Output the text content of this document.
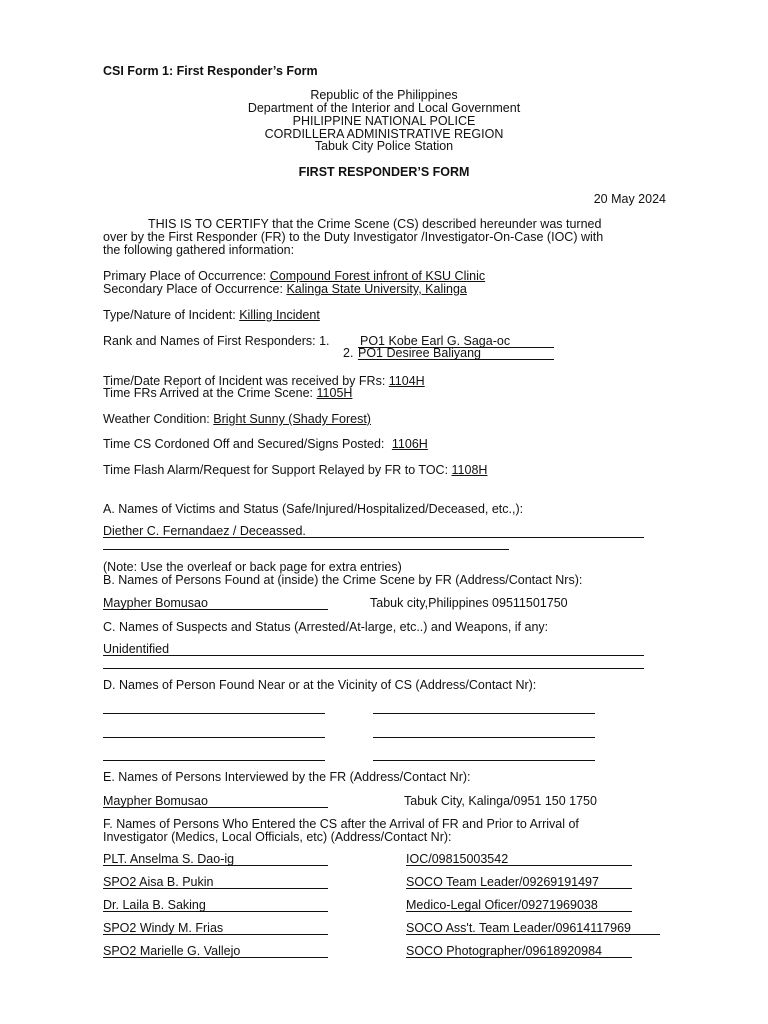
CSI Form 1: First Responder’s Form
Republic of the Philippines
Department of the Interior and Local Government
PHILIPPINE NATIONAL POLICE
CORDILLERA ADMINISTRATIVE REGION
Tabuk City Police Station
FIRST RESPONDER’S FORM
20 May 2024
THIS IS TO CERTIFY that the Crime Scene (CS) described hereunder was turned
over by the First Responder (FR) to the Duty Investigator /Investigator-On-Case (IOC) with
the following gathered information:
Primary Place of Occurrence: Compound Forest infront of KSU Clinic
Secondary Place of Occurrence: Kalinga State University, Kalinga
Type/Nature of Incident: Killing Incident
Rank and Names of First Responders: 1. PO1 Kobe Earl G. Saga-oc
2. PO1 Desiree Baliyang
Time/Date Report of Incident was received by FRs: 1104H
Time FRs Arrived at the Crime Scene: 1105H
Weather Condition: Bright Sunny (Shady Forest)
Time CS Cordoned Off and Secured/Signs Posted: 1106H
Time Flash Alarm/Request for Support Relayed by FR to TOC: 1108H
A. Names of Victims and Status (Safe/Injured/Hospitalized/Deceased, etc.,):
Diether C. Fernandaez / Deceassed.
(Note: Use the overleaf or back page for extra entries)
B. Names of Persons Found at (inside) the Crime Scene by FR (Address/Contact Nrs):
Maypher Bomusao	Tabuk city,Philippines 09511501750
C. Names of Suspects and Status (Arrested/At-large, etc..) and Weapons, if any:
Unidentified
D. Names of Person Found Near or at the Vicinity of CS (Address/Contact Nr):
E. Names of Persons Interviewed by the FR (Address/Contact Nr):
Maypher Bomusao	Tabuk City, Kalinga/0951 150 1750
F. Names of Persons Who Entered the CS after the Arrival of FR and Prior to Arrival of
Investigator (Medics, Local Officials, etc) (Address/Contact Nr):
PLT. Anselma S. Dao-ig	IOC/09815003542
SPO2 Aisa B. Pukin	SOCO Team Leader/09269191497
Dr. Laila B. Saking	Medico-Legal Oficer/09271969038
SPO2 Windy M. Frias	SOCO Ass't. Team Leader/09614117969
SPO2 Marielle G. Vallejo	SOCO Photographer/09618920984
